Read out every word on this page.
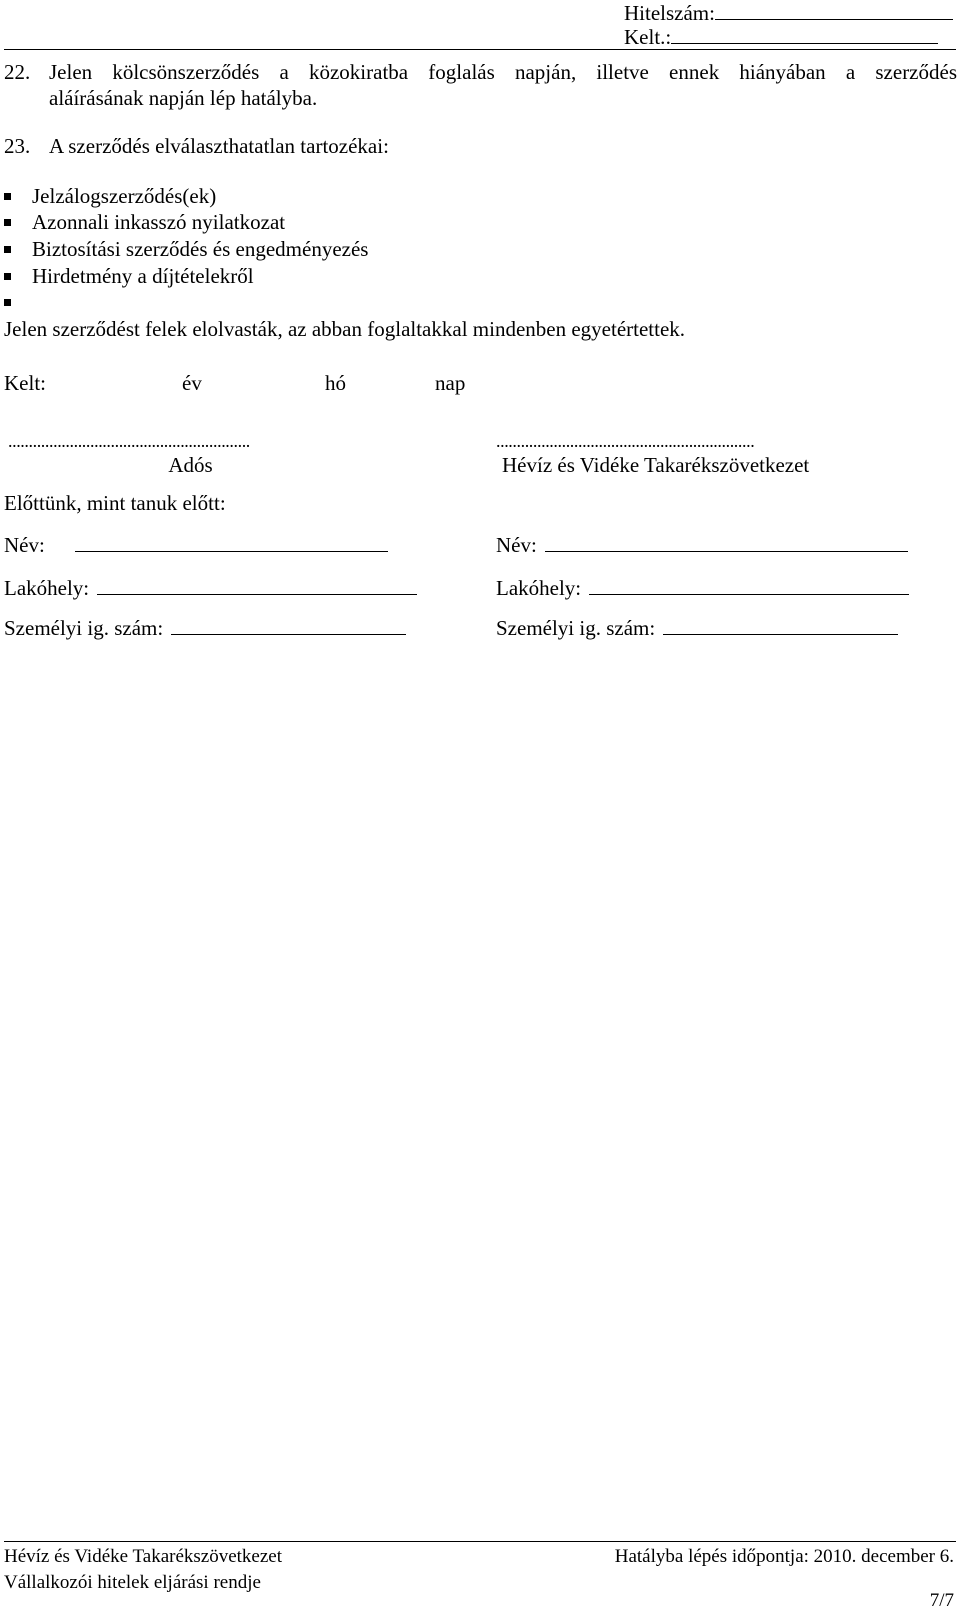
Hitelszám:
Kelt.:
22. Jelen kölcsönszerződés a közokiratba foglalás napján, illetve ennek hiányában a szerződés
aláírásának napján lép hatályba.
23. A szerződés elválaszthatatlan tartozékai:
Jelzálogszerződés(ek)
Azonnali inkasszó nyilatkozat
Biztosítási szerződés és engedményezés
Hirdetmény a díjtételekről
Jelen szerződést felek elolvasták, az abban foglaltakkal mindenben egyetértettek.
Kelt:	év	hó	nap
...........................................................
Adós
...............................................................
Hévíz és Vidéke Takarékszövetkezet
Előttünk, mint tanuk előtt:
Név:
Lakóhely:
Személyi ig. szám:
Név:
Lakóhely:
Személyi ig. szám:
Hévíz és Vidéke Takarékszövetkezet
Vállalkozói hitelek eljárási rendje
Hatályba lépés időpontja: 2010. december 6.
7/7
